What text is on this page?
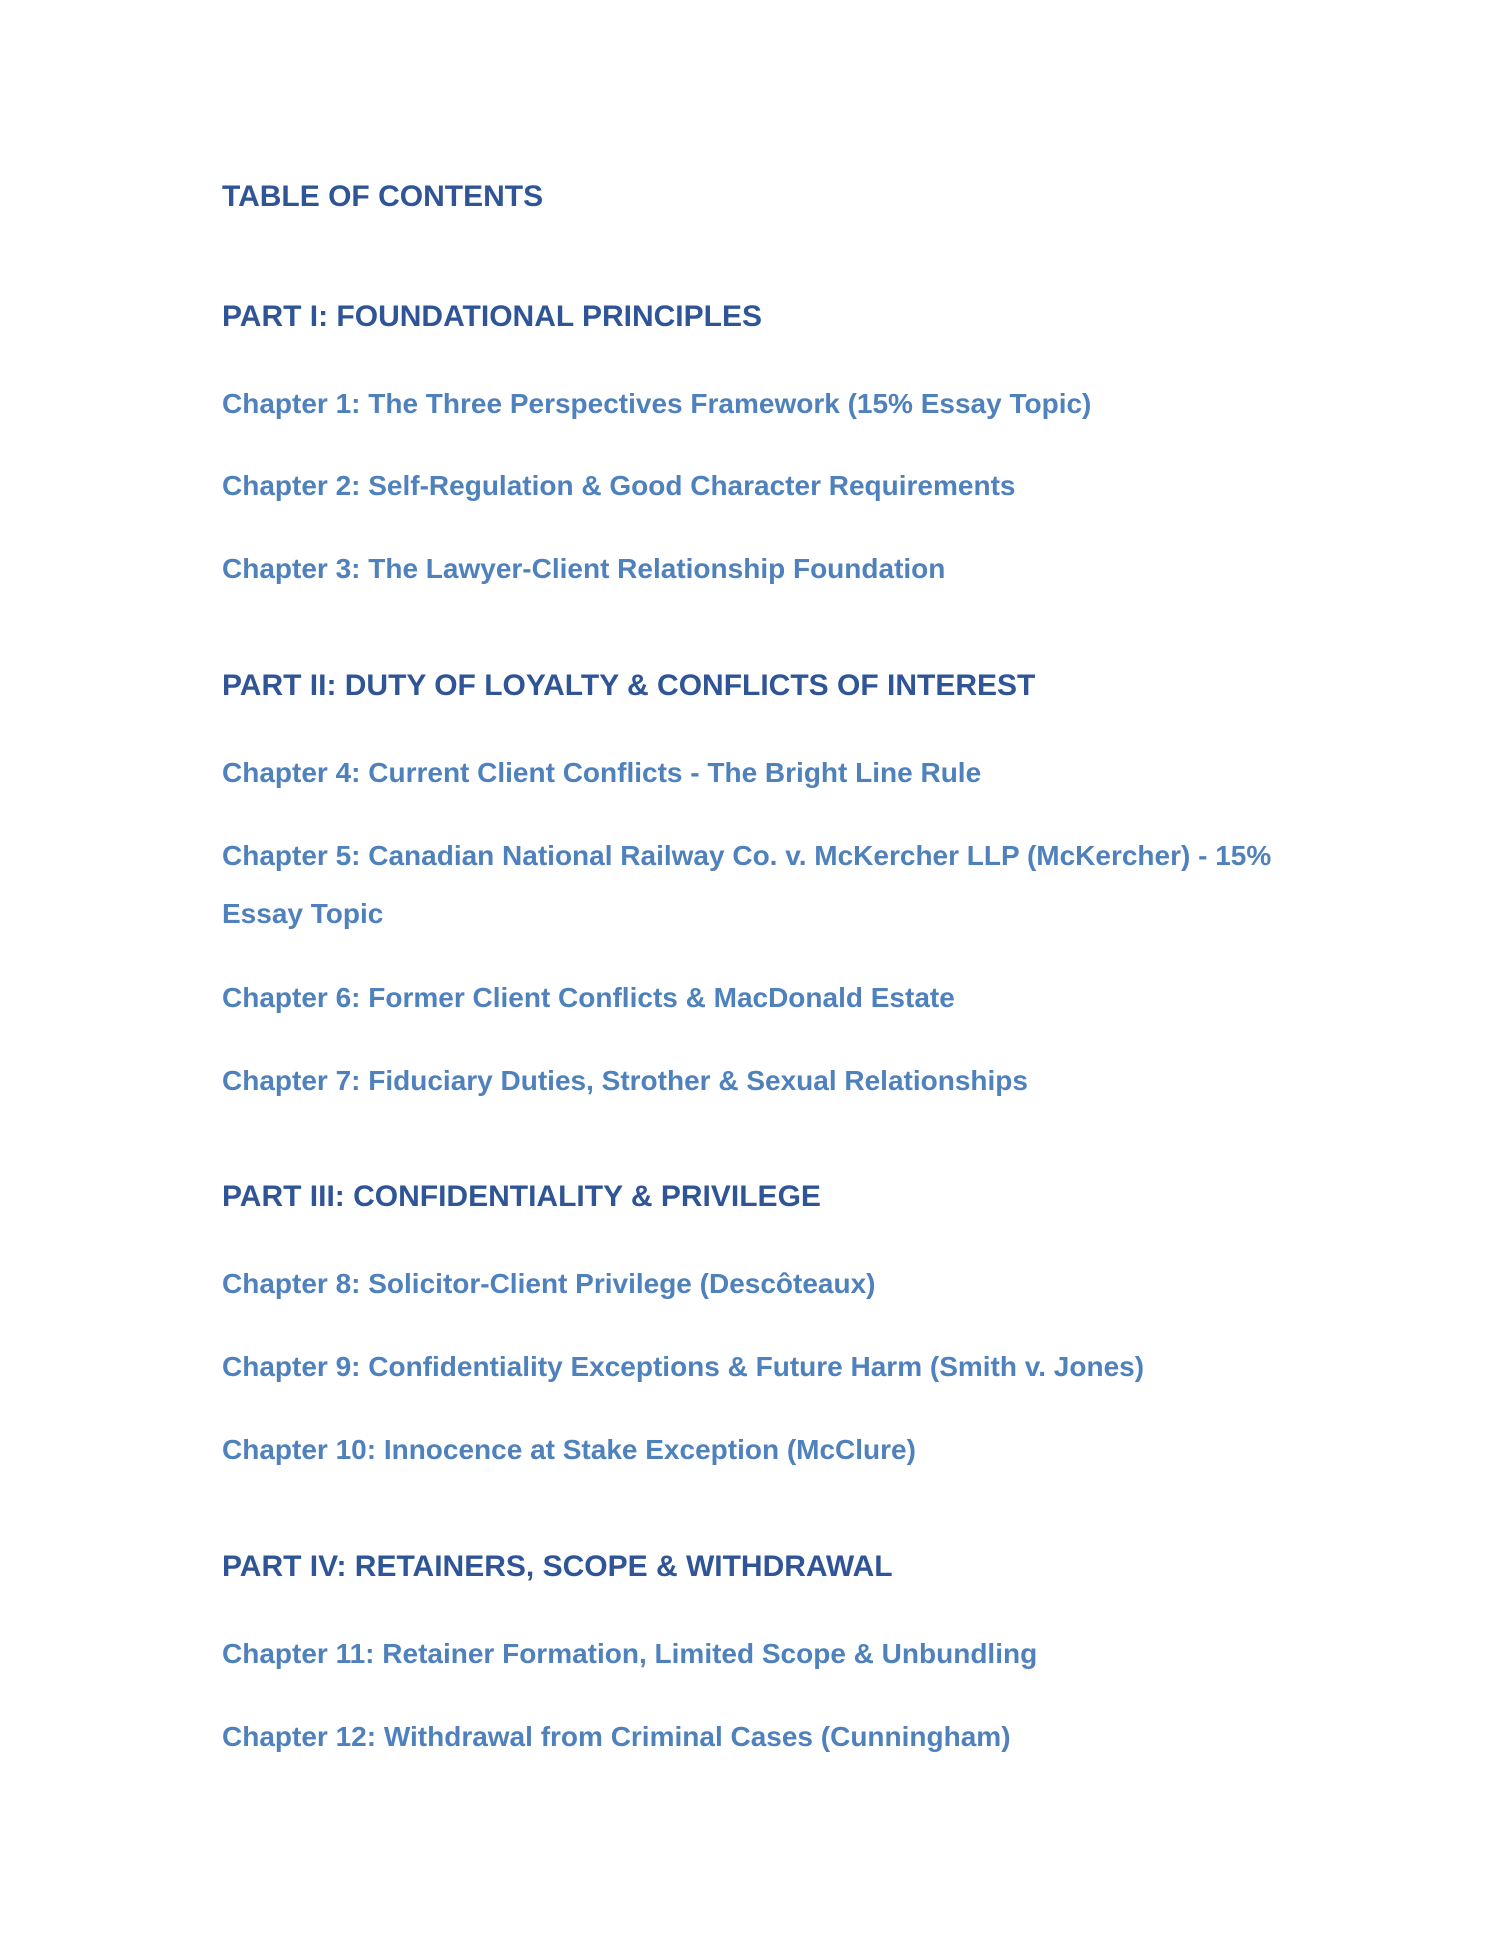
TABLE OF CONTENTS
PART I: FOUNDATIONAL PRINCIPLES
Chapter 1: The Three Perspectives Framework (15% Essay Topic)
Chapter 2: Self-Regulation & Good Character Requirements
Chapter 3: The Lawyer-Client Relationship Foundation
PART II: DUTY OF LOYALTY & CONFLICTS OF INTEREST
Chapter 4: Current Client Conflicts - The Bright Line Rule
Chapter 5: Canadian National Railway Co. v. McKercher LLP (McKercher) - 15% Essay Topic
Chapter 6: Former Client Conflicts & MacDonald Estate
Chapter 7: Fiduciary Duties, Strother & Sexual Relationships
PART III: CONFIDENTIALITY & PRIVILEGE
Chapter 8: Solicitor-Client Privilege (Descôteaux)
Chapter 9: Confidentiality Exceptions & Future Harm (Smith v. Jones)
Chapter 10: Innocence at Stake Exception (McClure)
PART IV: RETAINERS, SCOPE & WITHDRAWAL
Chapter 11: Retainer Formation, Limited Scope & Unbundling
Chapter 12: Withdrawal from Criminal Cases (Cunningham)
